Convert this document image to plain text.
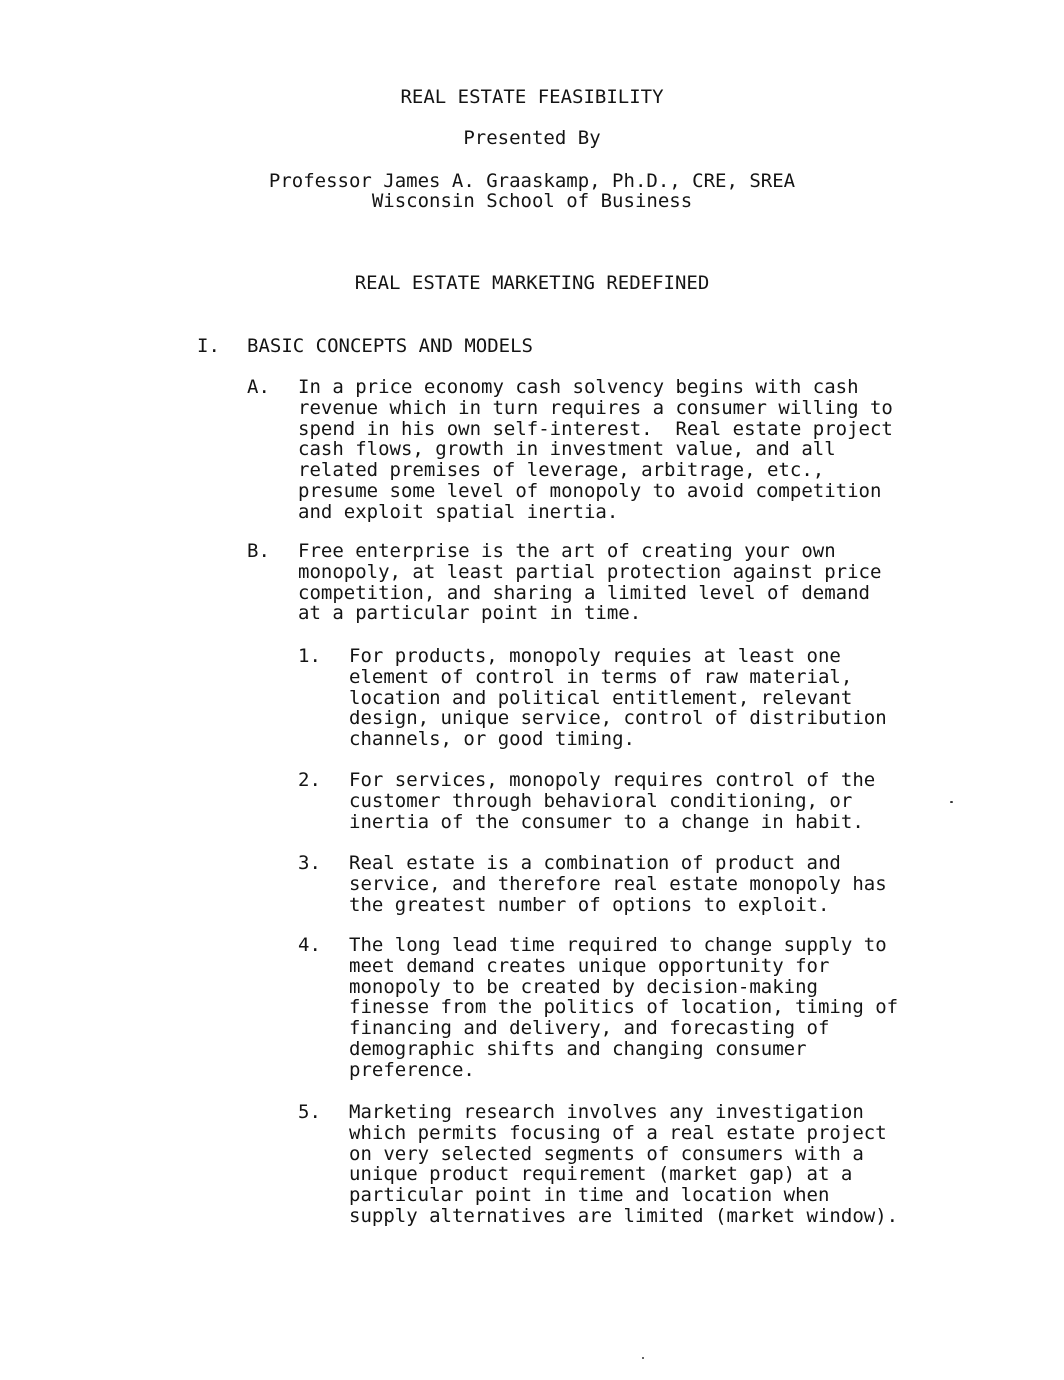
REAL ESTATE FEASIBILITY
Presented By
Professor James A. Graaskamp, Ph.D., CRE, SREA
Wisconsin School of Business
REAL ESTATE MARKETING REDEFINED
I. BASIC CONCEPTS AND MODELS
A. In a price economy cash solvency begins with cash
revenue which in turn requires a consumer willing to
spend in his own self-interest.  Real estate project
cash flows, growth in investment value, and all
related premises of leverage, arbitrage, etc.,
presume some level of monopoly to avoid competition
and exploit spatial inertia.
B. Free enterprise is the art of creating your own
monopoly, at least partial protection against price
competition, and sharing a limited level of demand
at a particular point in time.
1. For products, monopoly requies at least one
element of control in terms of raw material,
location and political entitlement, relevant
design, unique service, control of distribution
channels, or good timing.
2. For services, monopoly requires control of the
customer through behavioral conditioning, or
inertia of the consumer to a change in habit.
3. Real estate is a combination of product and
service, and therefore real estate monopoly has
the greatest number of options to exploit.
4. The long lead time required to change supply to
meet demand creates unique opportunity for
monopoly to be created by decision-making
finesse from the politics of location, timing of
financing and delivery, and forecasting of
demographic shifts and changing consumer
preference.
5. Marketing research involves any investigation
which permits focusing of a real estate project
on very selected segments of consumers with a
unique product requirement (market gap) at a
particular point in time and location when
supply alternatives are limited (market window).
